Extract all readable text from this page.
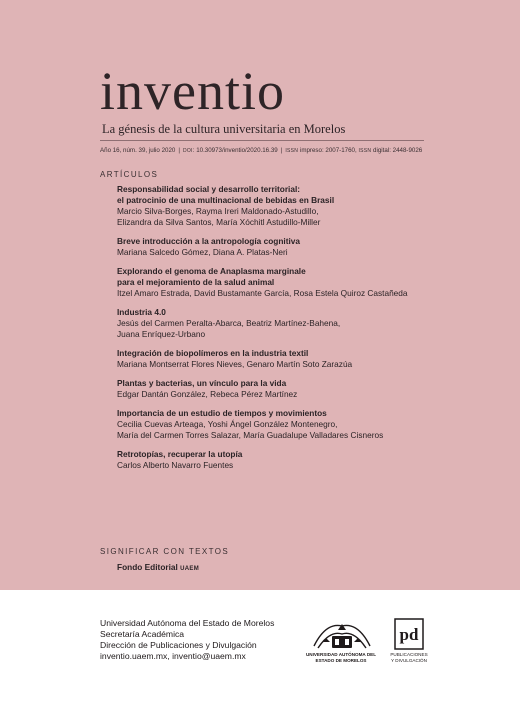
inventio
La génesis de la cultura universitaria en Morelos
Año 16, núm. 39, julio 2020 | DOI: 10.30973/inventio/2020.16.39 | ISSN impreso: 2007-1760, ISSN digital: 2448-9026
ARTÍCULOS
Responsabilidad social y desarrollo territorial:
el patrocinio de una multinacional de bebidas en Brasil
Marcio Silva-Borges, Rayma Ireri Maldonado-Astudillo,
Elizandra da Silva Santos, María Xóchitl Astudillo-Miller
Breve introducción a la antropología cognitiva
Mariana Salcedo Gómez, Diana A. Platas-Neri
Explorando el genoma de Anaplasma marginale
para el mejoramiento de la salud animal
Itzel Amaro Estrada, David Bustamante García, Rosa Estela Quiroz Castañeda
Industria 4.0
Jesús del Carmen Peralta-Abarca, Beatriz Martínez-Bahena,
Juana Enríquez-Urbano
Integración de biopolímeros en la industria textil
Mariana Montserrat Flores Nieves, Genaro Martín Soto Zarazúa
Plantas y bacterias, un vínculo para la vida
Edgar Dantán González, Rebeca Pérez Martínez
Importancia de un estudio de tiempos y movimientos
Cecilia Cuevas Arteaga, Yoshi Ángel González Montenegro,
María del Carmen Torres Salazar, María Guadalupe Valladares Cisneros
Retrotopías, recuperar la utopía
Carlos Alberto Navarro Fuentes
SIGNIFICAR CON TEXTOS
Fondo Editorial UAEM
Universidad Autónoma del Estado de Morelos
Secretaría Académica
Dirección de Publicaciones y Divulgación
inventio.uaem.mx, inventio@uaem.mx	UNIVERSIDAD AUTÓNOMA DEL
ESTADO DE MORELOS
pd
PUBLICACIONES
Y DIVULGACIÓN
